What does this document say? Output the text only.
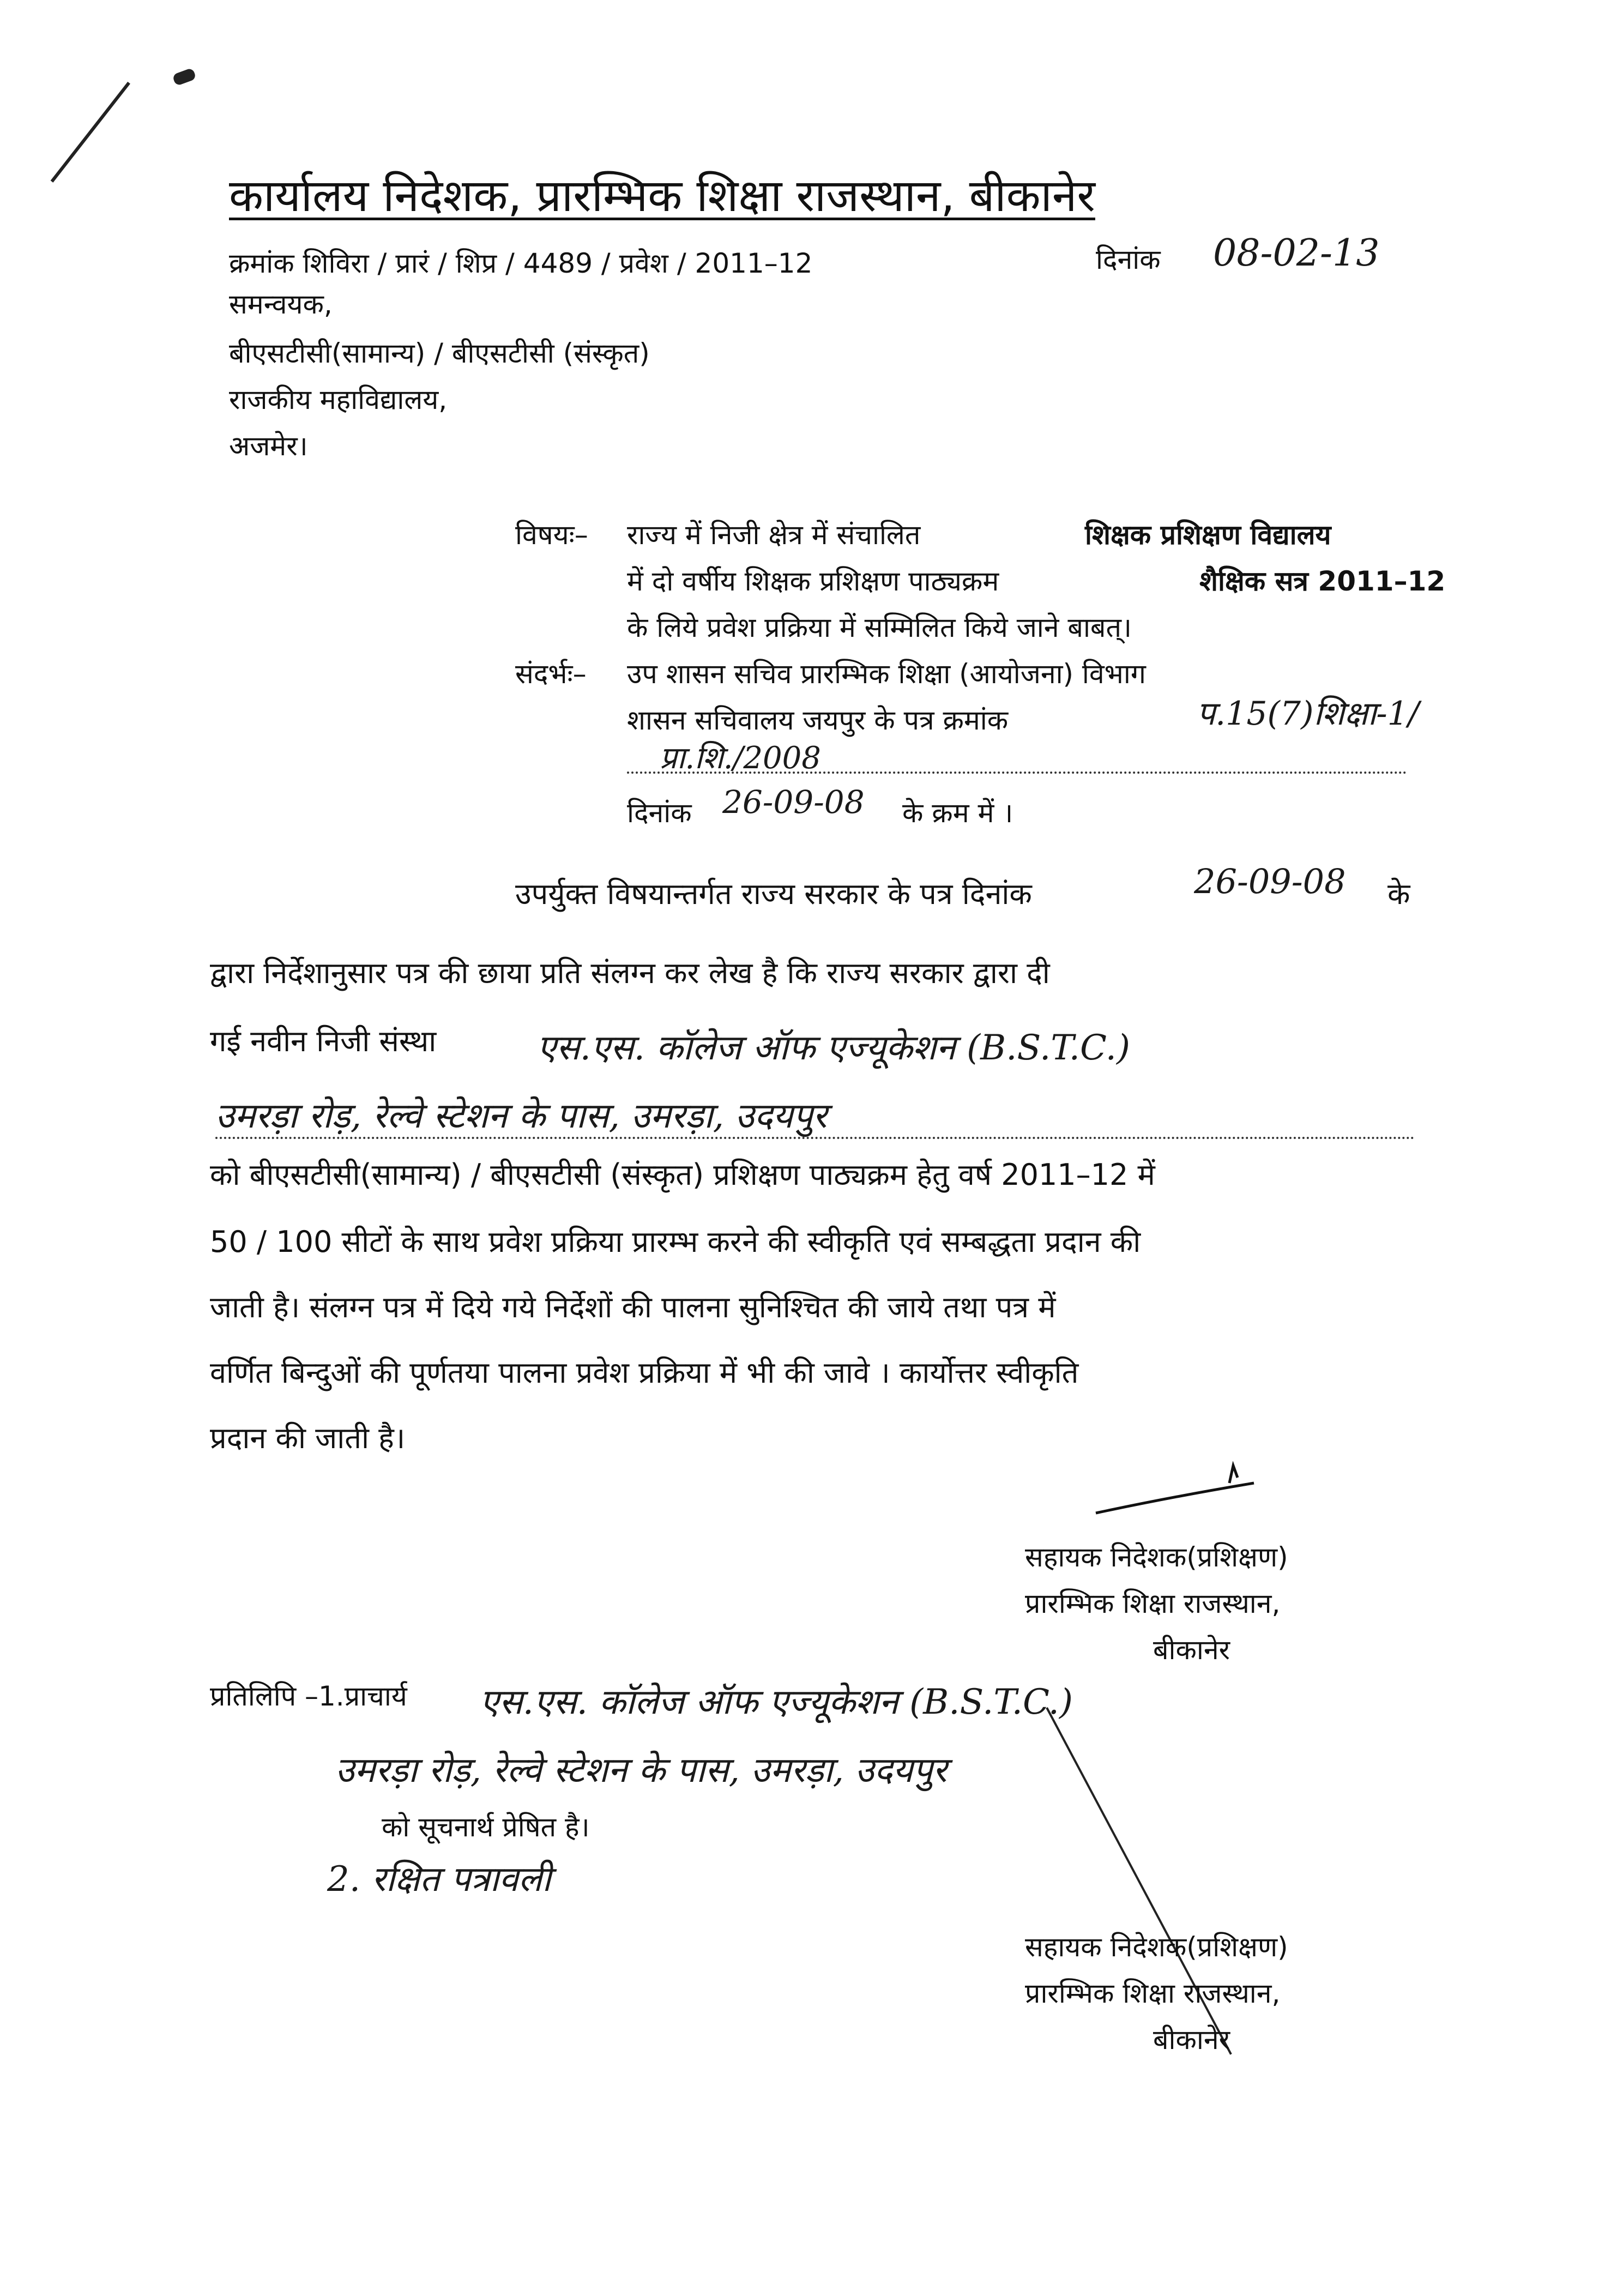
कार्यालय निदेशक, प्रारम्भिक शिक्षा राजस्थान, बीकानेर
क्रमांक शिविरा / प्रारं / शिप्र / 4489 / प्रवेश / 2011–12	दिनांक 08-02-13
समन्वयक,
बीएसटीसी(सामान्य) / बीएसटीसी (संस्कृत)
राजकीय महाविद्यालय,
अजमेर।
विषयः– राज्य में निजी क्षेत्र में संचालित	शिक्षक प्रशिक्षण विद्यालय
में दो वर्षीय शिक्षक प्रशिक्षण पाठ्यक्रम	शैक्षिक सत्र 2011–12
के लिये प्रवेश प्रक्रिया में सम्मिलित किये जाने बाबत्।
संदर्भः– उप शासन सचिव प्रारम्भिक शिक्षा (आयोजना) विभाग
शासन सचिवालय जयपुर के पत्र क्रमांक	प.15(7)शिक्षा-1/
प्रा.शि./2008
दिनांक 26-09-08 के क्रम में ।
उपर्युक्त विषयान्तर्गत राज्य सरकार के पत्र दिनांक	26-09-08 के
द्वारा निर्देशानुसार पत्र की छाया प्रति संलग्न कर लेख है कि राज्य सरकार द्वारा दी
गई नवीन निजी संस्था	एस.एस. कॉलेज ऑफ एज्यूकेशन (B.S.T.C.)
उमरड़ा रोड़, रेल्वे स्टेशन के पास, उमरड़ा, उदयपुर
को बीएसटीसी(सामान्य) / बीएसटीसी (संस्कृत) प्रशिक्षण पाठ्यक्रम हेतु वर्ष 2011–12 में
50 / 100 सीटों के साथ प्रवेश प्रक्रिया प्रारम्भ करने की स्वीकृति एवं सम्बद्धता प्रदान की
जाती है। संलग्न पत्र में दिये गये निर्देशों की पालना सुनिश्चित की जाये तथा पत्र में
वर्णित बिन्दुओं की पूर्णतया पालना प्रवेश प्रक्रिया में भी की जावे । कार्योत्तर स्वीकृति
प्रदान की जाती है।
सहायक निदेशक(प्रशिक्षण)
प्रारम्भिक शिक्षा राजस्थान,
बीकानेर
प्रतिलिपि –1.प्राचार्य एस.एस. कॉलेज ऑफ एज्यूकेशन (B.S.T.C.)
उमरड़ा रोड़, रेल्वे स्टेशन के पास, उमरड़ा, उदयपुर
को सूचनार्थ प्रेषित है।
2. रक्षित पत्रावली
सहायक निदेशक(प्रशिक्षण)
प्रारम्भिक शिक्षा राजस्थान,
बीकानेर
